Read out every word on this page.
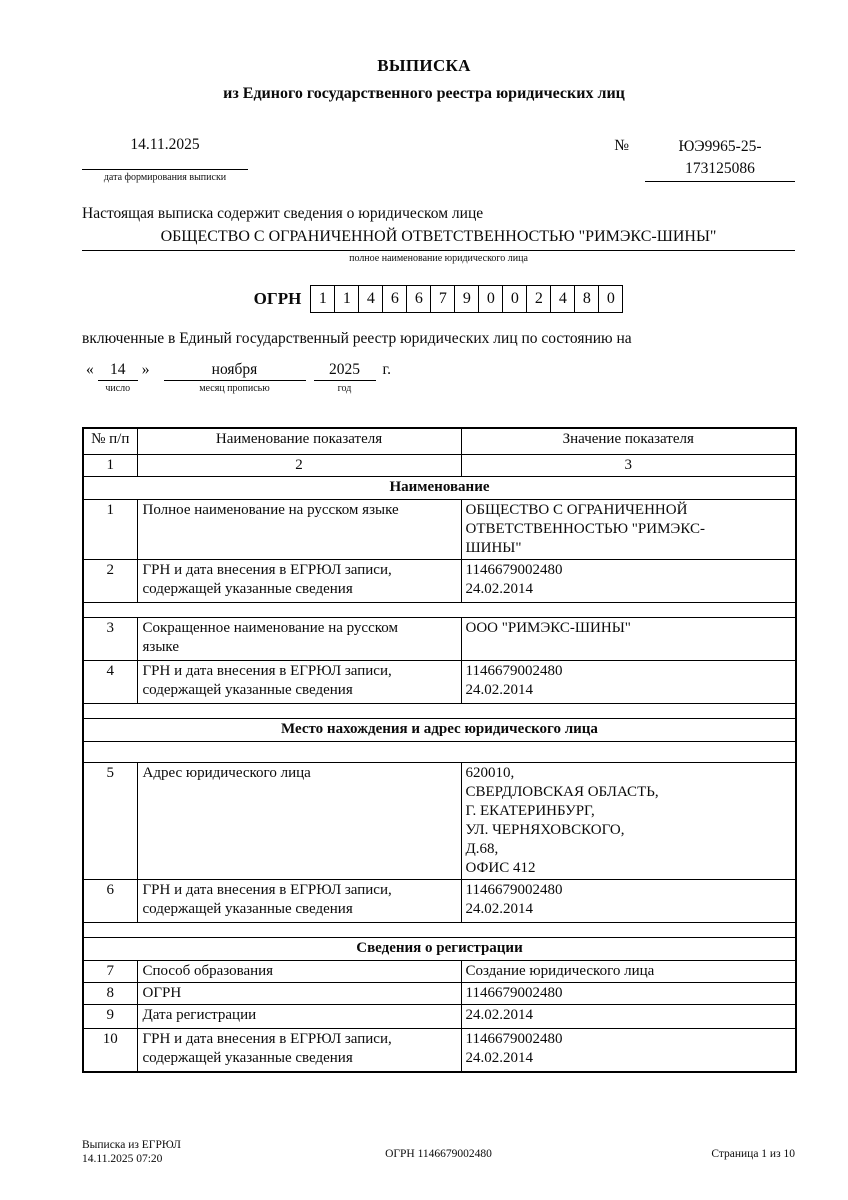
ВЫПИСКА
из Единого государственного реестра юридических лиц
14.11.2025
дата формирования выписки
№	ЮЭ9965-25-
173125086

Настоящая выписка содержит сведения о юридическом лице

ОБЩЕСТВО С ОГРАНИЧЕННОЙ ОТВЕТСТВЕННОСТЬЮ "РИМЭКС-ШИНЫ"
полное наименование юридического лица
ОГРН	1	1	4	6	6	7	9	0	0	2	4	8	0

включенные в Единый государственный реестр юридических лиц по состоянию на

«	14
число
»	ноября
месяц прописью
2025
год
г.
№ п/п	Наименование показателя	Значение показателя
1	2	3
Наименование		
1	Полное наименование на русском языке	ОБЩЕСТВО С ОГРАНИЧЕННОЙ
ОТВЕТСТВЕННОСТЬЮ "РИМЭКС-
ШИНЫ"
2	ГРН и дата внесения в ЕГРЮЛ записи,
содержащей указанные сведения	1146679002480
24.02.2014

3	Сокращенное наименование на русском
языке	ООО "РИМЭКС-ШИНЫ"
4	ГРН и дата внесения в ЕГРЮЛ записи,
содержащей указанные сведения	1146679002480
24.02.2014

Место нахождения и адрес юридического лица		

5	Адрес юридического лица	620010,
СВЕРДЛОВСКАЯ ОБЛАСТЬ,
Г. ЕКАТЕРИНБУРГ,
УЛ. ЧЕРНЯХОВСКОГО,
Д.68,
ОФИС 412
6	ГРН и дата внесения в ЕГРЮЛ записи,
содержащей указанные сведения	1146679002480
24.02.2014

Сведения о регистрации		
7	Способ образования	Создание юридического лица
8	ОГРН	1146679002480
9	Дата регистрации	24.02.2014
10	ГРН и дата внесения в ЕГРЮЛ записи,
содержащей указанные сведения	1146679002480
24.02.2014
Выписка из ЕГРЮЛ
14.11.2025 07:20	ОГРН 1146679002480	Страница 1 из 10
